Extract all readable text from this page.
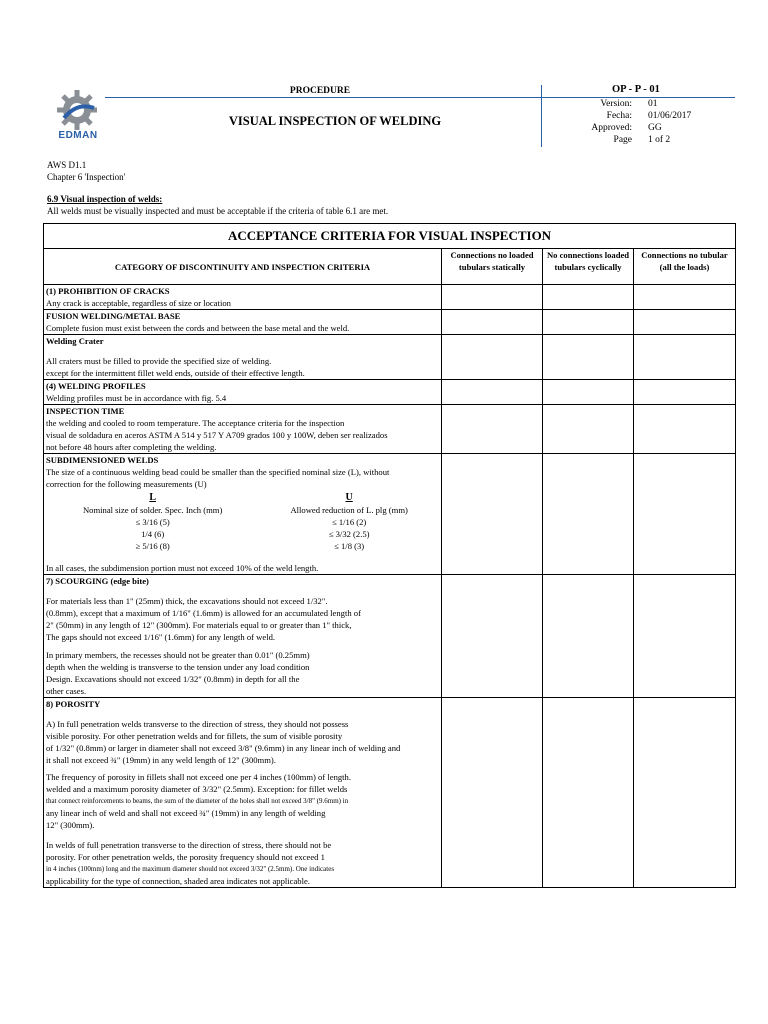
EDMAN
PROCEDURE
VISUAL INSPECTION OF WELDING
OP - P - 01
Version: 01
Fecha: 01/06/2017
Approved: GG
Page 1 of 2
AWS D1.1
Chapter 6 'Inspection'
6.9 Visual inspection of welds:
All welds must be visually inspected and must be acceptable if the criteria of table 6.1 are met.
ACCEPTANCE CRITERIA FOR VISUAL INSPECTION
CATEGORY OF DISCONTINUITY AND INSPECTION CRITERIA	Connections no loaded tubulars statically	No connections loaded tubulars cyclically	Connections no tubular (all the loads)

(1) PROHIBITION OF CRACKS
Any crack is acceptable, regardless of size or location

FUSION WELDING/METAL BASE
Complete fusion must exist between the cords and between the base metal and the weld.

Welding Crater
All craters must be filled to provide the specified size of welding.
except for the intermittent fillet weld ends, outside of their effective length.

(4) WELDING PROFILES
Welding profiles must be in accordance with fig. 5.4

INSPECTION TIME
the welding and cooled to room temperature. The acceptance criteria for the inspection
visual de soldadura en aceros ASTM A 514 y 517 Y A709 grados 100 y 100W, deben ser realizados
not before 48 hours after completing the welding.

SUBDIMENSIONED WELDS
The size of a continuous welding bead could be smaller than the specified nominal size (L), without
correction for the following measurements (U)
L	U
Nominal size of solder. Spec. Inch (mm)	Allowed reduction of L. plg (mm)
≤ 3/16 (5)	≤ 1/16 (2)
1/4 (6)	≤ 3/32 (2.5)
≥ 5/16 (8)	≤ 1/8 (3)
In all cases, the subdimension portion must not exceed 10% of the weld length.

7) SCOURGING (edge bite)
For materials less than 1" (25mm) thick, the excavations should not exceed 1/32".
(0.8mm), except that a maximum of 1/16" (1.6mm) is allowed for an accumulated length of
2" (50mm) in any length of 12" (300mm). For materials equal to or greater than 1" thick,
The gaps should not exceed 1/16" (1.6mm) for any length of weld.
In primary members, the recesses should not be greater than 0.01" (0.25mm)
depth when the welding is transverse to the tension under any load condition
Design. Excavations should not exceed 1/32" (0.8mm) in depth for all the
other cases.

8) POROSITY
A) In full penetration welds transverse to the direction of stress, they should not possess
visible porosity. For other penetration welds and for fillets, the sum of visible porosity
of 1/32" (0.8mm) or larger in diameter shall not exceed 3/8" (9.6mm) in any linear inch of welding and
it shall not exceed ¾" (19mm) in any weld length of 12" (300mm).
The frequency of porosity in fillets shall not exceed one per 4 inches (100mm) of length.
welded and a maximum porosity diameter of 3/32" (2.5mm). Exception: for fillet welds
that connect reinforcements to beams, the sum of the diameter of the holes shall not exceed 3/8" (9.6mm) in
any linear inch of weld and shall not exceed ¾" (19mm) in any length of welding
12" (300mm).
In welds of full penetration transverse to the direction of stress, there should not be
porosity. For other penetration welds, the porosity frequency should not exceed 1
in 4 inches (100mm) long and the maximum diameter should not exceed 3/32" (2.5mm). One indicates
applicability for the type of connection, shaded area indicates not applicable.
